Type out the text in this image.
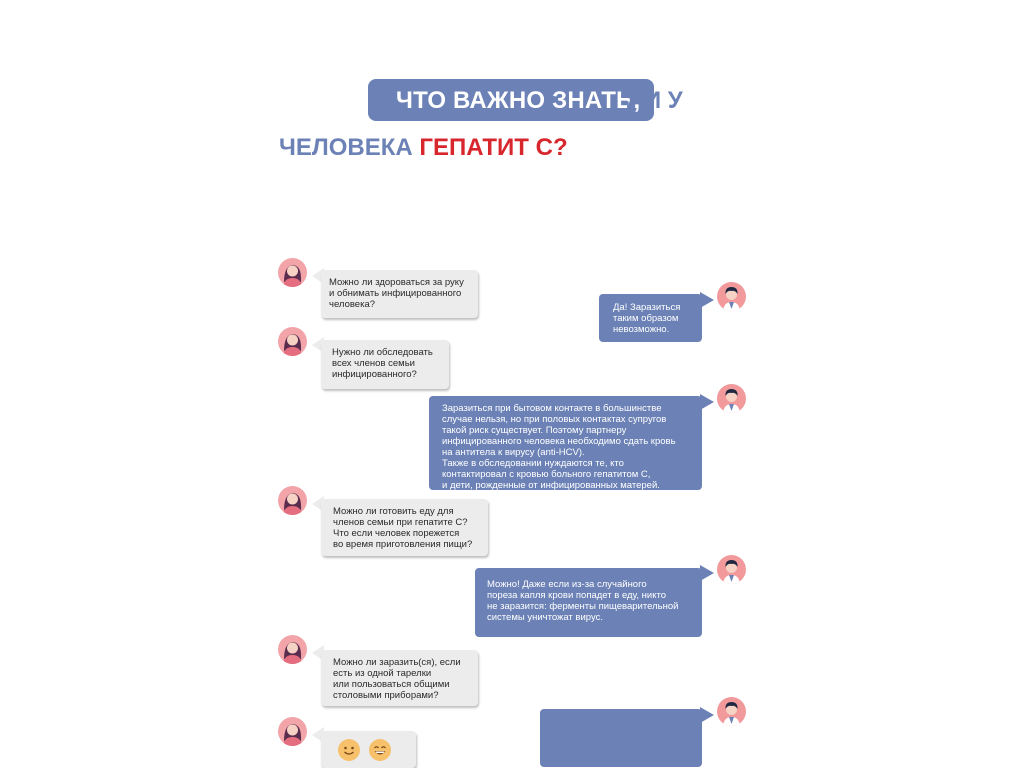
ЧТО ВАЖНО ЗНАТЬ,
ЛИ У
ЧЕЛОВЕКА ГЕПАТИТ С?
Можно ли здороваться за руку
и обнимать инфицированного
человека?	Да! Заразиться
таким образом
невозможно.
Нужно ли обследовать
всех членов семьи
инфицированного?
Заразиться при бытовом контакте в большинстве
случае нельзя, но при половых контактах супругов
такой риск существует. Поэтому партнеру
инфицированного человека необходимо сдать кровь
на антитела к вирусу (anti-HCV).
Также в обследовании нуждаются те, кто
контактировал с кровью больного гепатитом С,
и дети, рожденные от инфицированных матерей.
Можно ли готовить еду для
членов семьи при гепатите С?
Что если человек порежется
во время приготовления пищи?
Можно! Даже если из-за случайного
пореза капля крови попадет в еду, никто
не заразится: ферменты пищеварительной
системы уничтожат вирус.
Можно ли заразить(ся), если
есть из одной тарелки
или пользоваться общими
столовыми приборами?
